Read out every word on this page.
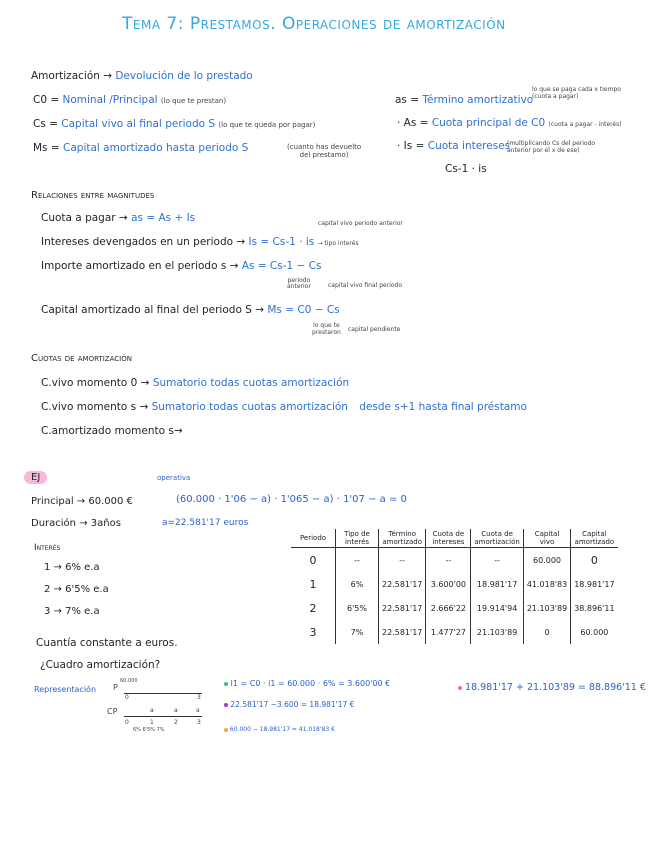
Tema 7: Prestamos. Operaciones de amortización
Amortización → Devolución de lo prestado
C0 = Nominal /Principal (lo que te prestan)
Cs = Capital vivo al final periodo S (lo que te queda por pagar)
Ms = Capital amortizado hasta periodo S	(cuanto has devuelto
del prestamo)
as = Término amortizativo
lo que se paga cada x tiempo
(cuota a pagar)
· As = Cuota principal de C0 (cuota a pagar - interés)
· Is = Cuota intereses
(multiplicando Cs del periodo
anterior por el x de ese)
Cs-1 · is
Relaciones entre magnitudes
Cuota a pagar → as = As + Is	capital vivo periodo anterior
Intereses devengados en un periodo → Is = Cs-1 · is → tipo interés
Importe amortizado en el periodo s → As = Cs-1 − Cs
periodo
anterior	capital vivo final periodo
Capital amortizado al final del periodo S → Ms = C0 − Cs
lo que te
prestaron capital pendiente
Cuotas de amortización
C.vivo momento 0 → Sumatorio todas cuotas amortización
C.vivo momento s → Sumatorio todas cuotas amortización desde s+1 hasta final préstamo
C.amortizado momento s→
EJ	operativa
(60.000 · 1'06 − a) · 1'065 − a) · 1'07 − a = 0
Principal → 60.000 €
Duración → 3años	a=22.581'17 euros
Interés
1 → 6% e.a
2 → 6'5% e.a
3 → 7% e.a
Cuantía constante a euros.
¿Cuadro amortización?
Periodo	Tipo de interés	Término amortizado	Cuota de intereses	Cuota de amortización	Capital vivo	Capital amortizado
0	--	--	--	--	60.000	0
1	6%	22.581'17	3.600'00	18.981'17	41.018'83	18.981'17
2	6'5%	22.581'17	2.666'22	19.914'94	21.103'89	38.896'11
3	7%	22.581'17	1.477'27	21.103'89	0	60.000
Representación P
60.000
CP
0	3
a	a	a
0	1	2	3
6% 6'5% 7%
I1 = C0 · i1 = 60.000 · 6% = 3.600'00 €
22.581'17 −3.600 = 18.981'17 €
60.000 − 18.981'17 = 41.018'83 €
18.981'17 + 21.103'89 = 88.896'11 €
